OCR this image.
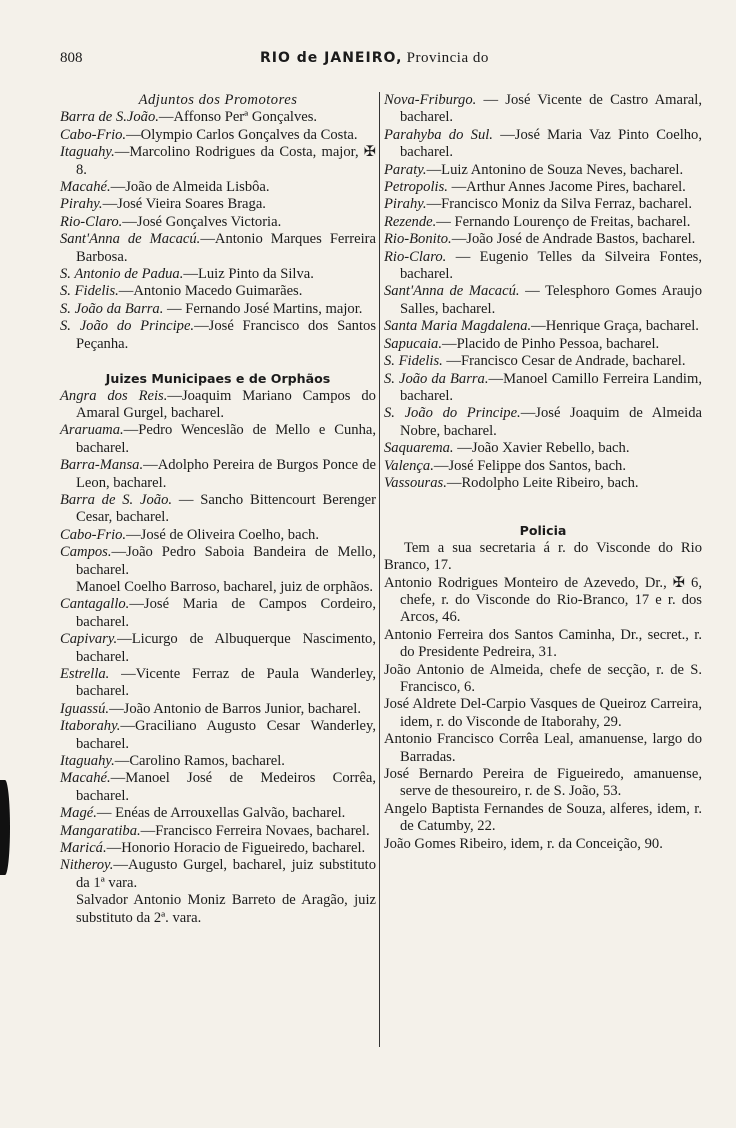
808	RIO de JANEIRO, Provincia do

Adjuntos dos Promotores

Barra de S.João.—Affonso Perª Gonçalves.

Cabo-Frio.—Olympio Carlos Gonçalves da Costa.

Itaguahy.—Marcolino Rodrigues da Costa, major, ✠ 8.

Macahé.—João de Almeida Lisbôa.

Pirahy.—José Vieira Soares Braga.

Rio-Claro.—José Gonçalves Victoria.

Sant'Anna de Macacú.—Antonio Marques Ferreira Barbosa.

S. Antonio de Padua.—Luiz Pinto da Silva.

S. Fidelis.—Antonio Macedo Guimarães.

S. João da Barra. — Fernando José Martins, major.

S. João do Principe.—José Francisco dos Santos Peçanha.

Juizes Municipaes e de Orphãos

Angra dos Reis.—Joaquim Mariano Campos do Amaral Gurgel, bacharel.

Araruama.—Pedro Wenceslão de Mello e Cunha, bacharel.

Barra-Mansa.—Adolpho Pereira de Burgos Ponce de Leon, bacharel.

Barra de S. João. — Sancho Bittencourt Berenger Cesar, bacharel.

Cabo-Frio.—José de Oliveira Coelho, bach.

Campos.—João Pedro Saboia Bandeira de Mello, bacharel.

Manoel Coelho Barroso, bacharel, juiz de orphãos.

Cantagallo.—José Maria de Campos Cordeiro, bacharel.

Capivary.—Licurgo de Albuquerque Nascimento, bacharel.

Estrella. —Vicente Ferraz de Paula Wanderley, bacharel.

Iguassú.—João Antonio de Barros Junior, bacharel.

Itaborahy.—Graciliano Augusto Cesar Wanderley, bacharel.

Itaguahy.—Carolino Ramos, bacharel.

Macahé.—Manoel José de Medeiros Corrêa, bacharel.

Magé.— Enéas de Arrouxellas Galvão, bacharel.

Mangaratiba.—Francisco Ferreira Novaes, bacharel.

Maricá.—Honorio Horacio de Figueiredo, bacharel.

Nitheroy.—Augusto Gurgel, bacharel, juiz substituto da 1ª vara.

Salvador Antonio Moniz Barreto de Aragão, juiz substituto da 2ª. vara.

Nova-Friburgo. — José Vicente de Castro Amaral, bacharel.

Parahyba do Sul. —José Maria Vaz Pinto Coelho, bacharel.

Paraty.—Luiz Antonino de Souza Neves, bacharel.

Petropolis. —Arthur Annes Jacome Pires, bacharel.

Pirahy.—Francisco Moniz da Silva Ferraz, bacharel.

Rezende.— Fernando Lourenço de Freitas, bacharel.

Rio-Bonito.—João José de Andrade Bastos, bacharel.

Rio-Claro. — Eugenio Telles da Silveira Fontes, bacharel.

Sant'Anna de Macacú. — Telesphoro Gomes Araujo Salles, bacharel.

Santa Maria Magdalena.—Henrique Graça, bacharel.

Sapucaia.—Placido de Pinho Pessoa, bacharel.

S. Fidelis. —Francisco Cesar de Andrade, bacharel.

S. João da Barra.—Manoel Camillo Ferreira Landim, bacharel.

S. João do Principe.—José Joaquim de Almeida Nobre, bacharel.

Saquarema. —João Xavier Rebello, bach.

Valença.—José Felippe dos Santos, bach.

Vassouras.—Rodolpho Leite Ribeiro, bach.

Policia

Tem a sua secretaria á r. do Visconde do Rio Branco, 17.

Antonio Rodrigues Monteiro de Azevedo, Dr., ✠ 6, chefe, r. do Visconde do Rio-Branco, 17 e r. dos Arcos, 46.

Antonio Ferreira dos Santos Caminha, Dr., secret., r. do Presidente Pedreira, 31.

João Antonio de Almeida, chefe de secção, r. de S. Francisco, 6.

José Aldrete Del-Carpio Vasques de Queiroz Carreira, idem, r. do Visconde de Itaborahy, 29.

Antonio Francisco Corrêa Leal, amanuense, largo do Barradas.

José Bernardo Pereira de Figueiredo, amanuense, serve de thesoureiro, r. de S. João, 53.

Angelo Baptista Fernandes de Souza, alferes, idem, r. de Catumby, 22.

João Gomes Ribeiro, idem, r. da Conceição, 90.
